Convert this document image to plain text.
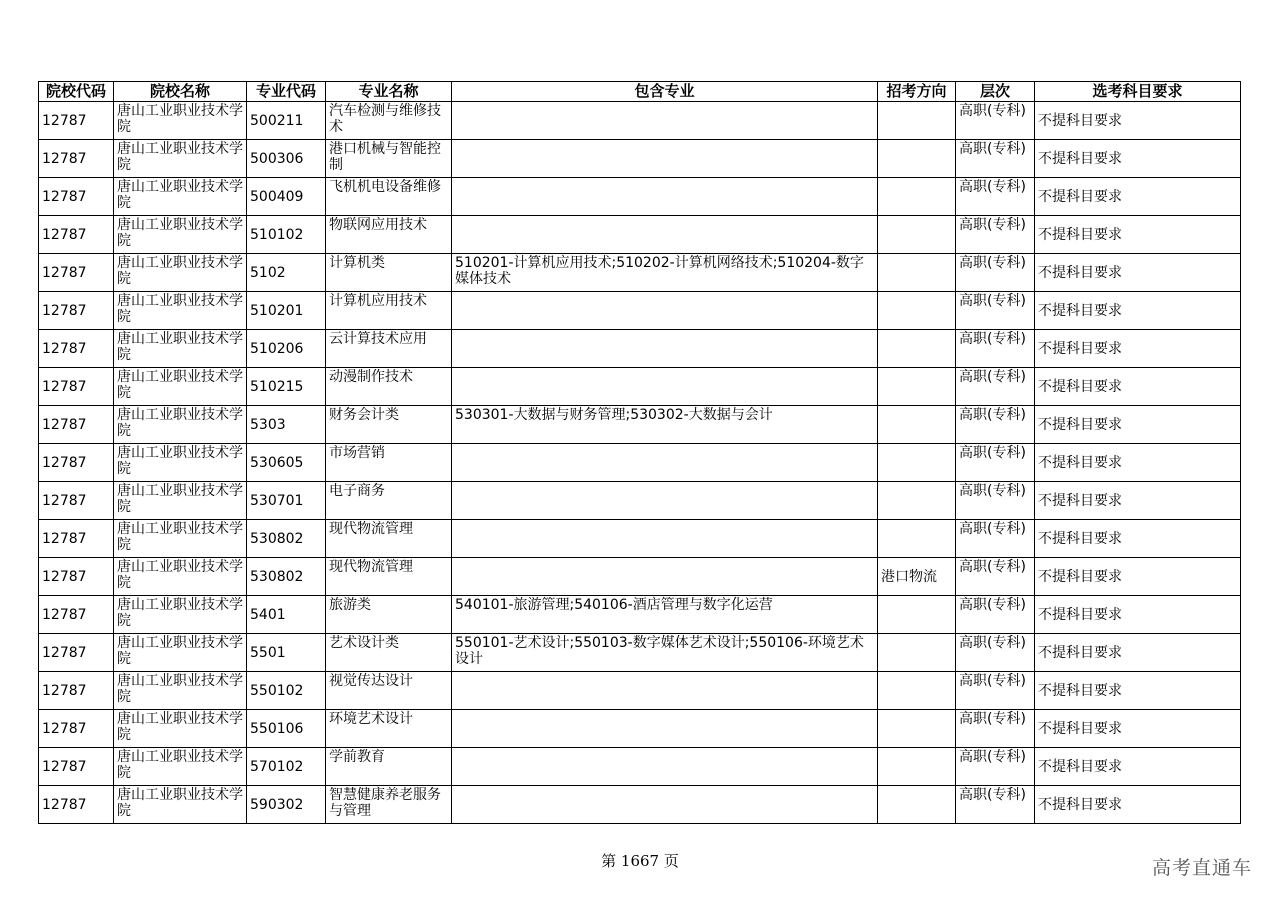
院校代码	院校名称	专业代码	专业名称	包含专业	招考方向	层次	选考科目要求
12787	唐山工业职业技术学院	500211	汽车检测与维修技术			高职(专科)	不提科目要求
12787	唐山工业职业技术学院	500306	港口机械与智能控制			高职(专科)	不提科目要求
12787	唐山工业职业技术学院	500409	飞机机电设备维修			高职(专科)	不提科目要求
12787	唐山工业职业技术学院	510102	物联网应用技术			高职(专科)	不提科目要求
12787	唐山工业职业技术学院	5102	计算机类	510201-计算机应用技术;510202-计算机网络技术;510204-数字媒体技术		高职(专科)	不提科目要求
12787	唐山工业职业技术学院	510201	计算机应用技术			高职(专科)	不提科目要求
12787	唐山工业职业技术学院	510206	云计算技术应用			高职(专科)	不提科目要求
12787	唐山工业职业技术学院	510215	动漫制作技术			高职(专科)	不提科目要求
12787	唐山工业职业技术学院	5303	财务会计类	530301-大数据与财务管理;530302-大数据与会计		高职(专科)	不提科目要求
12787	唐山工业职业技术学院	530605	市场营销			高职(专科)	不提科目要求
12787	唐山工业职业技术学院	530701	电子商务			高职(专科)	不提科目要求
12787	唐山工业职业技术学院	530802	现代物流管理			高职(专科)	不提科目要求
12787	唐山工业职业技术学院	530802	现代物流管理		港口物流	高职(专科)	不提科目要求
12787	唐山工业职业技术学院	5401	旅游类	540101-旅游管理;540106-酒店管理与数字化运营		高职(专科)	不提科目要求
12787	唐山工业职业技术学院	5501	艺术设计类	550101-艺术设计;550103-数字媒体艺术设计;550106-环境艺术设计		高职(专科)	不提科目要求
12787	唐山工业职业技术学院	550102	视觉传达设计			高职(专科)	不提科目要求
12787	唐山工业职业技术学院	550106	环境艺术设计			高职(专科)	不提科目要求
12787	唐山工业职业技术学院	570102	学前教育			高职(专科)	不提科目要求
12787	唐山工业职业技术学院	590302	智慧健康养老服务与管理			高职(专科)	不提科目要求
第 1667 页	高考直通车
